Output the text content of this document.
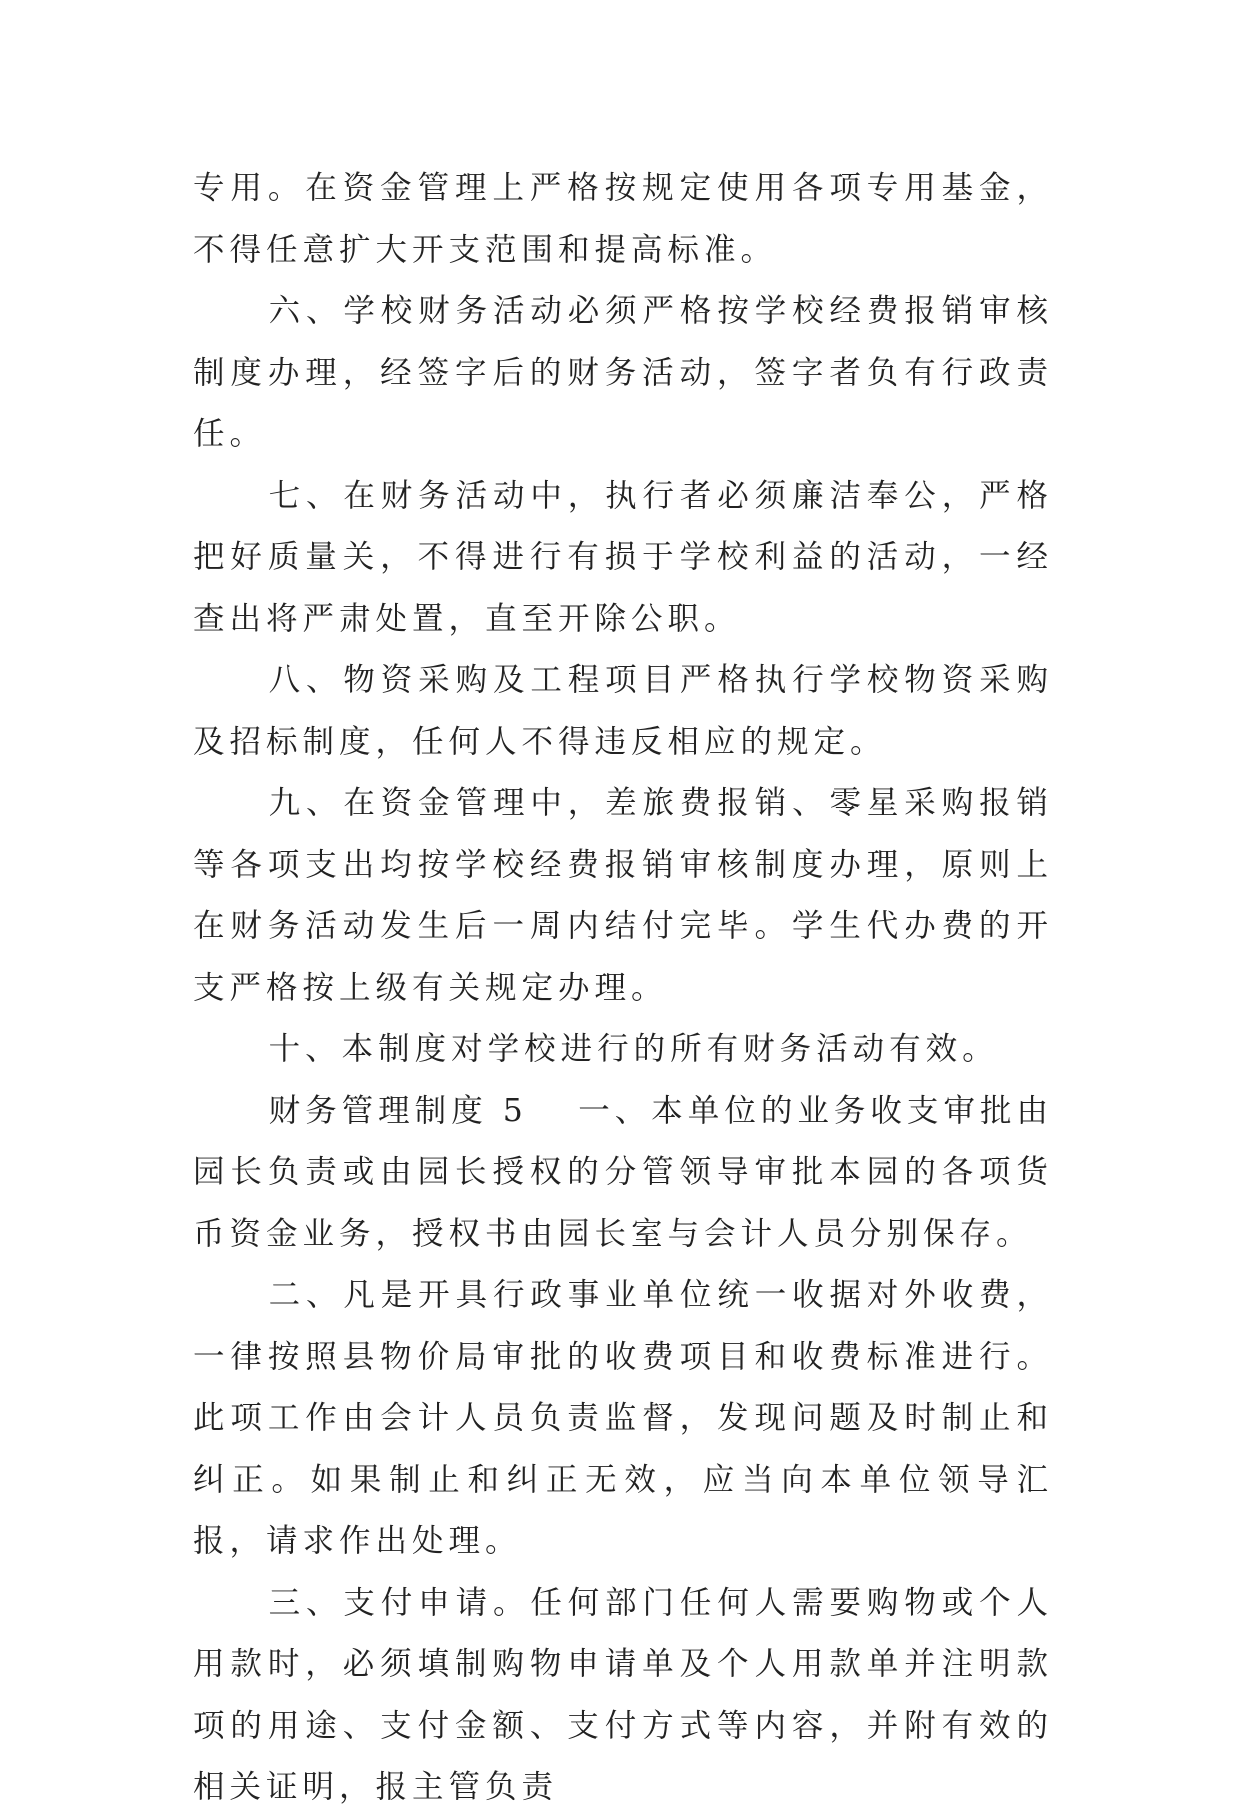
专用。在资金管理上严格按规定使用各项专用基金，不得任意扩大开支范围和提高标准。

六、学校财务活动必须严格按学校经费报销审核制度办理，经签字后的财务活动，签字者负有行政责任。

七、在财务活动中，执行者必须廉洁奉公，严格把好质量关，不得进行有损于学校利益的活动，一经查出将严肃处置，直至开除公职。

八、物资采购及工程项目严格执行学校物资采购及招标制度，任何人不得违反相应的规定。

九、在资金管理中，差旅费报销、零星采购报销等各项支出均按学校经费报销审核制度办理，原则上在财务活动发生后一周内结付完毕。学生代办费的开支严格按上级有关规定办理。

十、本制度对学校进行的所有财务活动有效。

财务管理制度 5 一、本单位的业务收支审批由园长负责或由园长授权的分管领导审批本园的各项货币资金业务，授权书由园长室与会计人员分别保存。

二、凡是开具行政事业单位统一收据对外收费，一律按照县物价局审批的收费项目和收费标准进行。此项工作由会计人员负责监督，发现问题及时制止和纠正。如果制止和纠正无效，应当向本单位领导汇报，请求作出处理。

三、支付申请。任何部门任何人需要购物或个人用款时，必须填制购物申请单及个人用款单并注明款项的用途、支付金额、支付方式等内容，并附有效的相关证明，报主管负责
